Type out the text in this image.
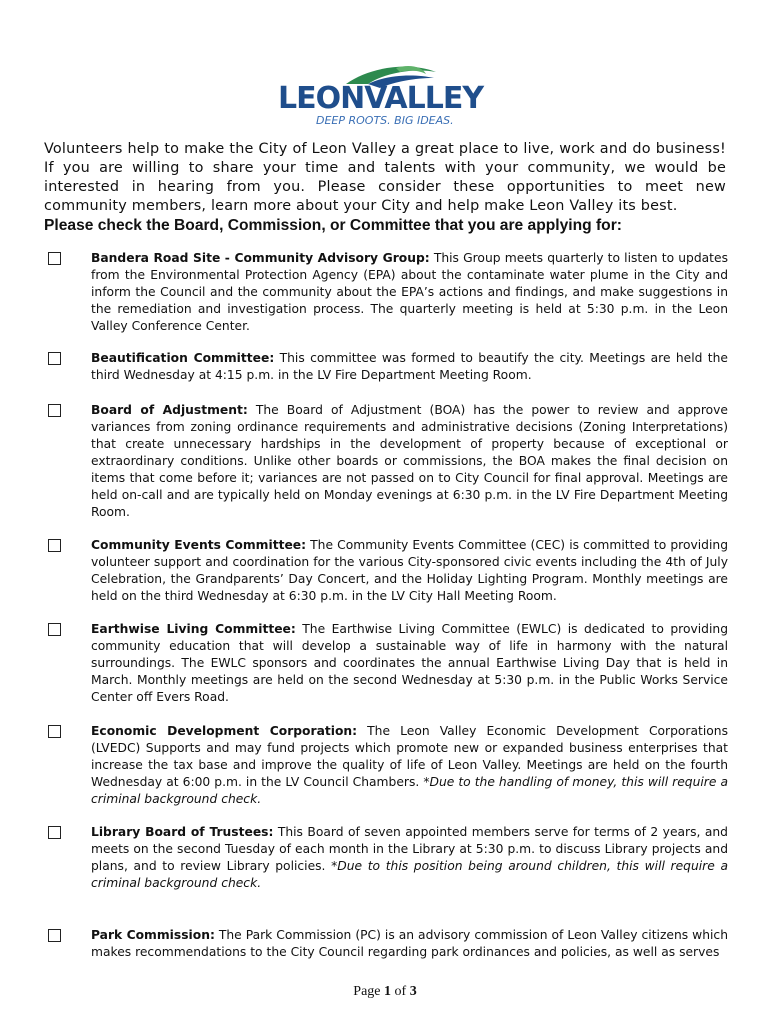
LEONVALLEY
DEEP ROOTS. BIG IDEAS.
Volunteers help to make the City of Leon Valley a great place to live, work and do business! If you are willing to share your time and talents with your community, we would be interested in hearing from you. Please consider these opportunities to meet new community members, learn more about your City and help make Leon Valley its best.
Please check the Board, Commission, or Committee that you are applying for:
Bandera Road Site - Community Advisory Group: This Group meets quarterly to listen to updates from the Environmental Protection Agency (EPA) about the contaminate water plume in the City and inform the Council and the community about the EPA’s actions and findings, and make suggestions in the remediation and investigation process. The quarterly meeting is held at 5:30 p.m. in the Leon Valley Conference Center.
Beautification Committee: This committee was formed to beautify the city. Meetings are held the third Wednesday at 4:15 p.m. in the LV Fire Department Meeting Room.
Board of Adjustment: The Board of Adjustment (BOA) has the power to review and approve variances from zoning ordinance requirements and administrative decisions (Zoning Interpretations) that create unnecessary hardships in the development of property because of exceptional or extraordinary conditions. Unlike other boards or commissions, the BOA makes the final decision on items that come before it; variances are not passed on to City Council for final approval. Meetings are held on-call and are typically held on Monday evenings at 6:30 p.m. in the LV Fire Department Meeting Room.
Community Events Committee: The Community Events Committee (CEC) is committed to providing volunteer support and coordination for the various City-sponsored civic events including the 4th of July Celebration, the Grandparents’ Day Concert, and the Holiday Lighting Program. Monthly meetings are held on the third Wednesday at 6:30 p.m. in the LV City Hall Meeting Room.
Earthwise Living Committee: The Earthwise Living Committee (EWLC) is dedicated to providing community education that will develop a sustainable way of life in harmony with the natural surroundings. The EWLC sponsors and coordinates the annual Earthwise Living Day that is held in March. Monthly meetings are held on the second Wednesday at 5:30 p.m. in the Public Works Service Center off Evers Road.
Economic Development Corporation: The Leon Valley Economic Development Corporations (LVEDC) Supports and may fund projects which promote new or expanded business enterprises that increase the tax base and improve the quality of life of Leon Valley. Meetings are held on the fourth Wednesday at 6:00 p.m. in the LV Council Chambers. *Due to the handling of money, this will require a criminal background check.
Library Board of Trustees: This Board of seven appointed members serve for terms of 2 years, and meets on the second Tuesday of each month in the Library at 5:30 p.m. to discuss Library projects and plans, and to review Library policies. *Due to this position being around children, this will require a criminal background check.
Park Commission: The Park Commission (PC) is an advisory commission of Leon Valley citizens which makes recommendations to the City Council regarding park ordinances and policies, as well as serves
Page 1 of 3
